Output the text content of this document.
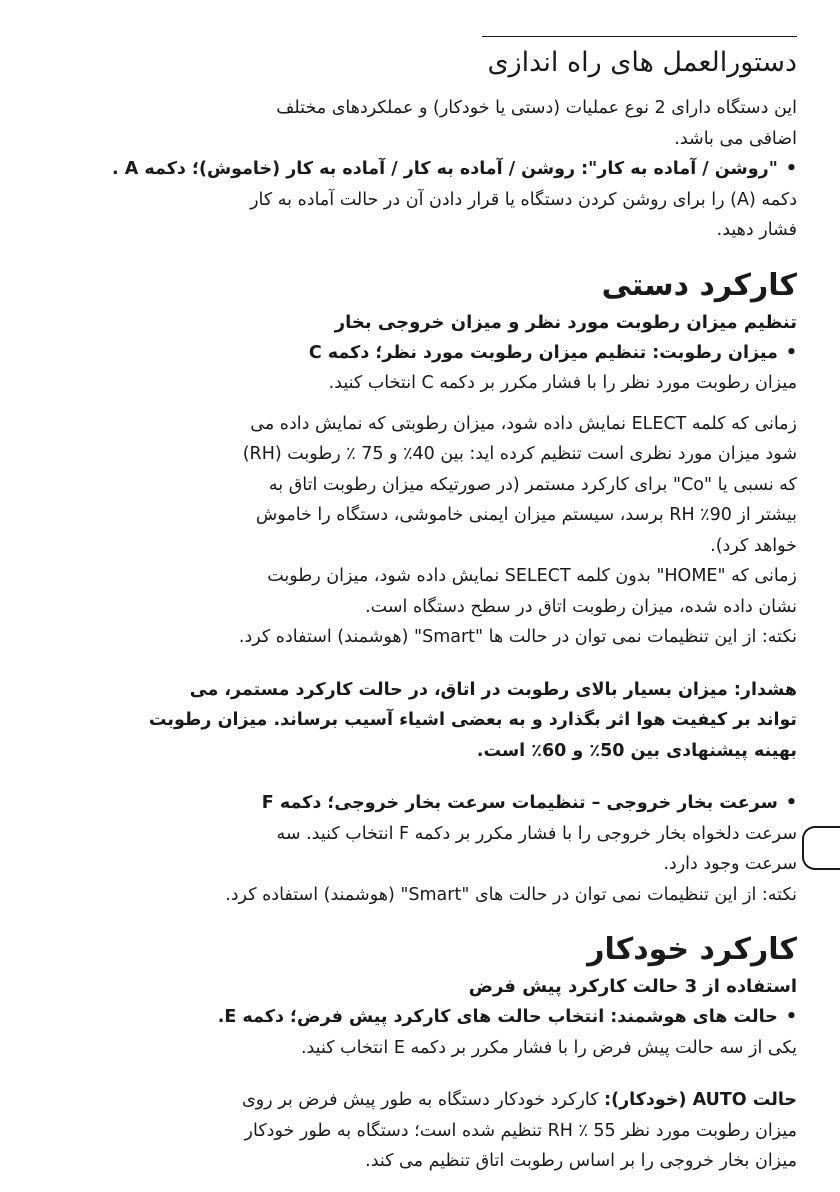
دستورالعمل های راه اندازی

این دستگاه دارای 2 نوع عملیات (دستی یا خودکار) و عملکردهای مختلف

اضافی می باشد.

•"روشن / آماده به کار": روشن / آماده به کار / آماده به کار (خاموش)؛ دکمه A .

دکمه (A) را برای روشن کردن دستگاه یا قرار دادن آن در حالت آماده به کار

فشار دهید.

کارکرد دستی
تنظیم میزان رطوبت مورد نظر و میزان خروجی بخار

•میزان رطوبت: تنظیم میزان رطوبت مورد نظر؛ دکمه C

میزان رطوبت مورد نظر را با فشار مکرر بر دکمه C انتخاب کنید.

زمانی که کلمه ELECT نمایش داده شود، میزان رطوبتی که نمایش داده می

شود میزان مورد نظری است تنظیم کرده اید: بین 40٪ و 75 ٪ رطوبت (RH)

که نسبی یا "Co" برای کارکرد مستمر (در صورتیکه میزان رطوبت اتاق به

بیشتر از 90٪ RH برسد، سیستم میزان ایمنی خاموشی، دستگاه را خاموش

خواهد کرد).

زمانی که "HOME" بدون کلمه SELECT نمایش داده شود، میزان رطوبت

نشان داده شده، میزان رطوبت اتاق در سطح دستگاه است.

نکته: از این تنظیمات نمی توان در حالت ها "Smart" (هوشمند) استفاده کرد.

هشدار: میزان بسیار بالای رطوبت در اتاق، در حالت کارکرد مستمر، می

تواند بر کیفیت هوا اثر بگذارد و به بعضی اشیاء آسیب برساند. میزان رطوبت

بهینه پیشنهادی بین 50٪ و 60٪ است.

•سرعت بخار خروجی – تنظیمات سرعت بخار خروجی؛ دکمه F

سرعت دلخواه بخار خروجی را با فشار مکرر بر دکمه F انتخاب کنید. سه

سرعت وجود دارد.

نکته: از این تنظیمات نمی توان در حالت های "Smart" (هوشمند) استفاده کرد.

کارکرد خودکار
استفاده از 3 حالت کارکرد پیش فرض

•حالت های هوشمند: انتخاب حالت های کارکرد پیش فرض؛ دکمه E.

یکی از سه حالت پیش فرض را با فشار مکرر بر دکمه E انتخاب کنید.

حالت AUTO (خودکار): کارکرد خودکار دستگاه به طور پیش فرض بر روی

میزان رطوبت مورد نظر 55 ٪ RH تنظیم شده است؛ دستگاه به طور خودکار

میزان بخار خروجی را بر اساس رطوبت اتاق تنظیم می کند.
